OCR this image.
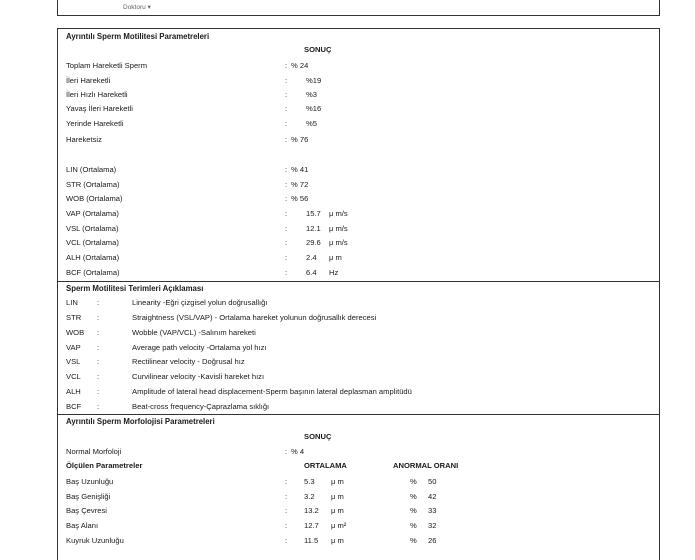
Doktoru ▾
Ayrıntılı Sperm Motilitesi Parametreleri
SONUÇ
Toplam Hareketli Sperm	: % 24
İleri Hareketli	: %19
İleri Hızlı Hareketli	: %3
Yavaş İleri Hareketli	: %16
Yerinde Hareketli	: %5
Hareketsiz	: % 76
LIN (Ortalama)	: % 41
STR (Ortalama)	: % 72
WOB (Ortalama)	: % 56
VAP (Ortalama)	: 15.7 μ m/s
VSL (Ortalama)	: 12.1 μ m/s
VCL (Ortalama)	: 29.6 μ m/s
ALH (Ortalama)	: 2.4 μ m
BCF (Ortalama)	: 6.4 Hz
Sperm Motilitesi Terimleri Açıklaması
LIN	:	Linearity -Eğri çizgisel yolun doğrusallığı
STR :	Straightness (VSL/VAP) - Ortalama hareket yolunun doğrusallık derecesi
WOB :	Wobble (VAP/VCL) -Salınım hareketi
VAP :	Average path velocity -Ortalama yol hızı
VSL :	Rectilinear velocity - Doğrusal hız
VCL :	Curvilinear velocity -Kavisli hareket hızı
ALH :	Amplitude of lateral head displacement-Sperm başının lateral deplasman amplitüdü
BCF :	Beat-cross frequency-Çaprazlama sıklığı
Ayrıntılı Sperm Morfolojisi Parametreleri
SONUÇ
Normal Morfoloji	: % 4
Ölçülen Parametreler	ORTALAMA	ANORMAL ORANI
Baş Uzunluğu	: 5.3 μ m	% 50
Baş Genişliği	: 3.2 μ m	% 42
Baş Çevresi	: 13.2 μ m	% 33
Baş Alanı	: 12.7 μ m²	% 32
Kuyruk Uzunluğu	: 11.5 μ m	% 26
